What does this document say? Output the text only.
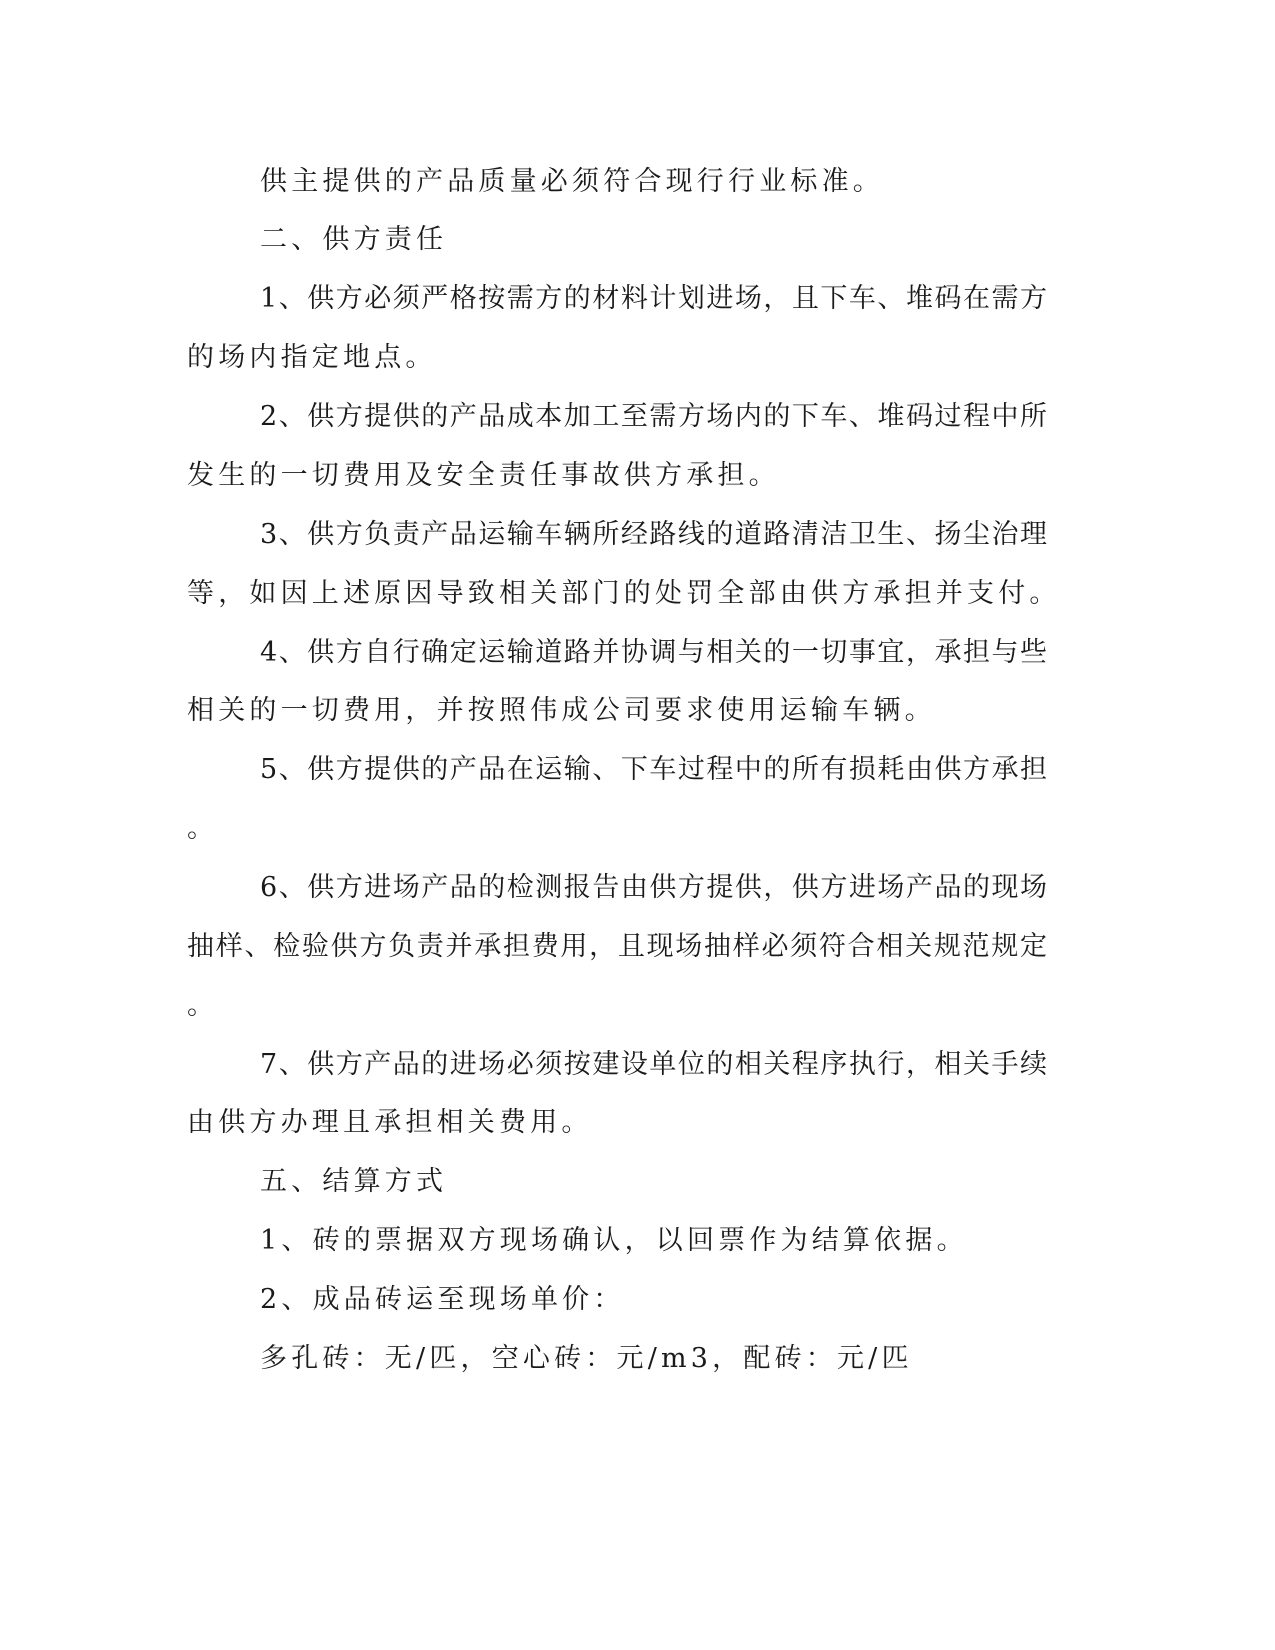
供主提供的产品质量必须符合现行行业标准。
二、供方责任
1、供方必须严格按需方的材料计划进场，且下车、堆码在需方
的场内指定地点。
2、供方提供的产品成本加工至需方场内的下车、堆码过程中所
发生的一切费用及安全责任事故供方承担。
3、供方负责产品运输车辆所经路线的道路清洁卫生、扬尘治理
等，如因上述原因导致相关部门的处罚全部由供方承担并支付。
4、供方自行确定运输道路并协调与相关的一切事宜，承担与些
相关的一切费用，并按照伟成公司要求使用运输车辆。
5、供方提供的产品在运输、下车过程中的所有损耗由供方承担
。
6、供方进场产品的检测报告由供方提供，供方进场产品的现场
抽样、检验供方负责并承担费用，且现场抽样必须符合相关规范规定
。
7、供方产品的进场必须按建设单位的相关程序执行，相关手续
由供方办理且承担相关费用。
五、结算方式
1、砖的票据双方现场确认，以回票作为结算依据。
2、成品砖运至现场单价：
多孔砖：无/匹，空心砖：元/m3，配砖：元/匹
